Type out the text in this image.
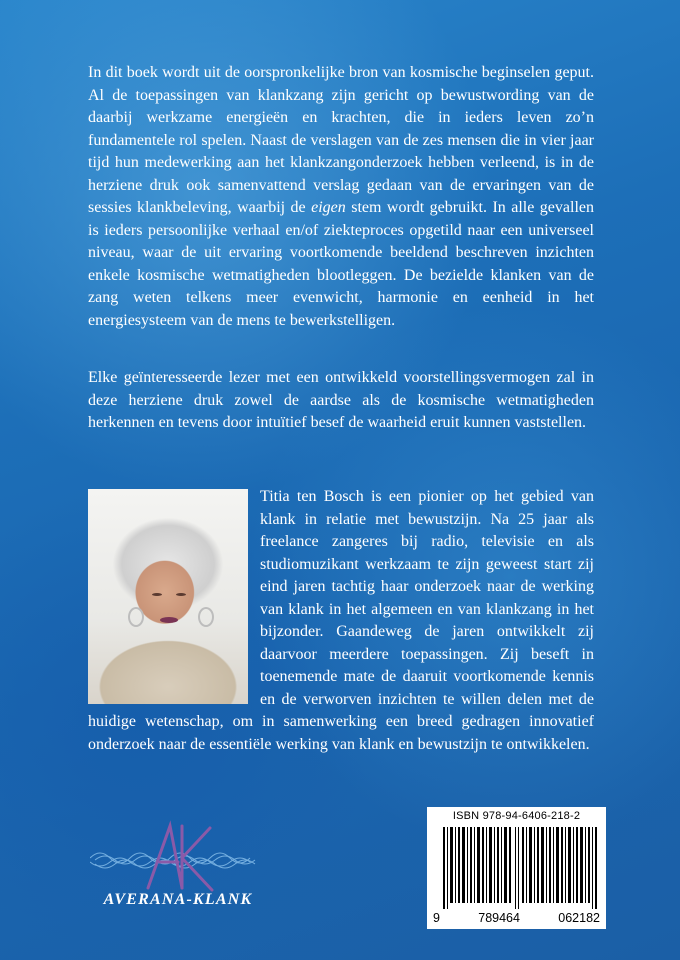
In dit boek wordt uit de oorspronkelijke bron van kosmische beginselen geput. Al de toepassingen van klankzang zijn gericht op bewustwording van de daarbij werkzame energieën en krachten, die in ieders leven zo’n fundamentele rol spelen. Naast de verslagen van de zes mensen die in vier jaar tijd hun medewerking aan het klankzangonderzoek hebben verleend, is in de herziene druk ook samenvattend verslag gedaan van de ervaringen van de sessies klankbeleving, waarbij de eigen stem wordt gebruikt. In alle gevallen is ieders persoonlijke verhaal en/of ziekteproces opgetild naar een universeel niveau, waar de uit ervaring voortkomende beeldend beschreven inzichten enkele kosmische wetmatigheden blootleggen. De bezielde klanken van de zang weten telkens meer evenwicht, harmonie en eenheid in het energiesysteem van de mens te bewerkstelligen.

Elke geïnteresseerde lezer met een ontwikkeld voorstellingsvermogen zal in deze herziene druk zowel de aardse als de kosmische wetmatigheden herkennen en tevens door intuïtief besef de waarheid eruit kunnen vaststellen.

Titia ten Bosch is een pionier op het gebied van klank in relatie met bewustzijn. Na 25 jaar als freelance zangeres bij radio, televisie en als studiomuzikant werkzaam te zijn geweest start zij eind jaren tachtig haar onderzoek naar de werking van klank in het algemeen en van klankzang in het bijzonder. Gaandeweg de jaren ontwikkelt zij daarvoor meerdere toepassingen. Zij beseft in toenemende mate de daaruit voortkomende kennis en de verworven inzichten te willen delen met de huidige wetenschap, om in samenwerking een breed gedragen innovatief onderzoek naar de essentiële werking van klank en bewustzijn te ontwikkelen.
ISBN 978-94-6406-218-2
9	789464	062182
AVERANA-KLANK
